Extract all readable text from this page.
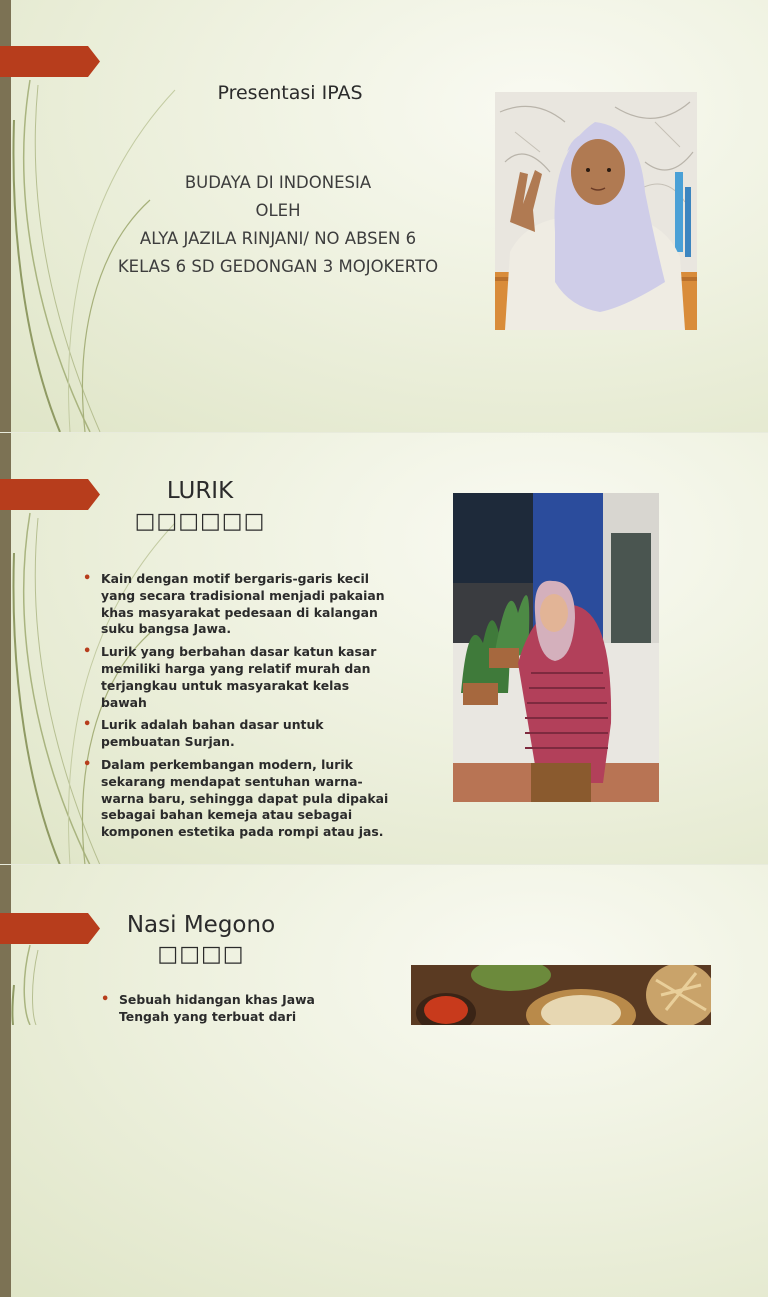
Presentasi IPAS
BUDAYA DI INDONESIA
OLEH
ALYA JAZILA RINJANI/ NO ABSEN 6
KELAS 6 SD GEDONGAN 3 MOJOKERTO
LURIK
□□□□□□
• Kain dengan motif bergaris-garis kecil yang secara tradisional menjadi pakaian khas masyarakat pedesaan di kalangan suku bangsa Jawa.
• Lurik yang berbahan dasar katun kasar memiliki harga yang relatif murah dan terjangkau untuk masyarakat kelas bawah
• Lurik adalah bahan dasar untuk pembuatan Surjan.
• Dalam perkembangan modern, lurik sekarang mendapat sentuhan warna-warna baru, sehingga dapat pula dipakai sebagai bahan kemeja atau sebagai komponen estetika pada rompi atau jas.
Nasi Megono
□□□□
• Sebuah hidangan khas Jawa Tengah yang terbuat dari
